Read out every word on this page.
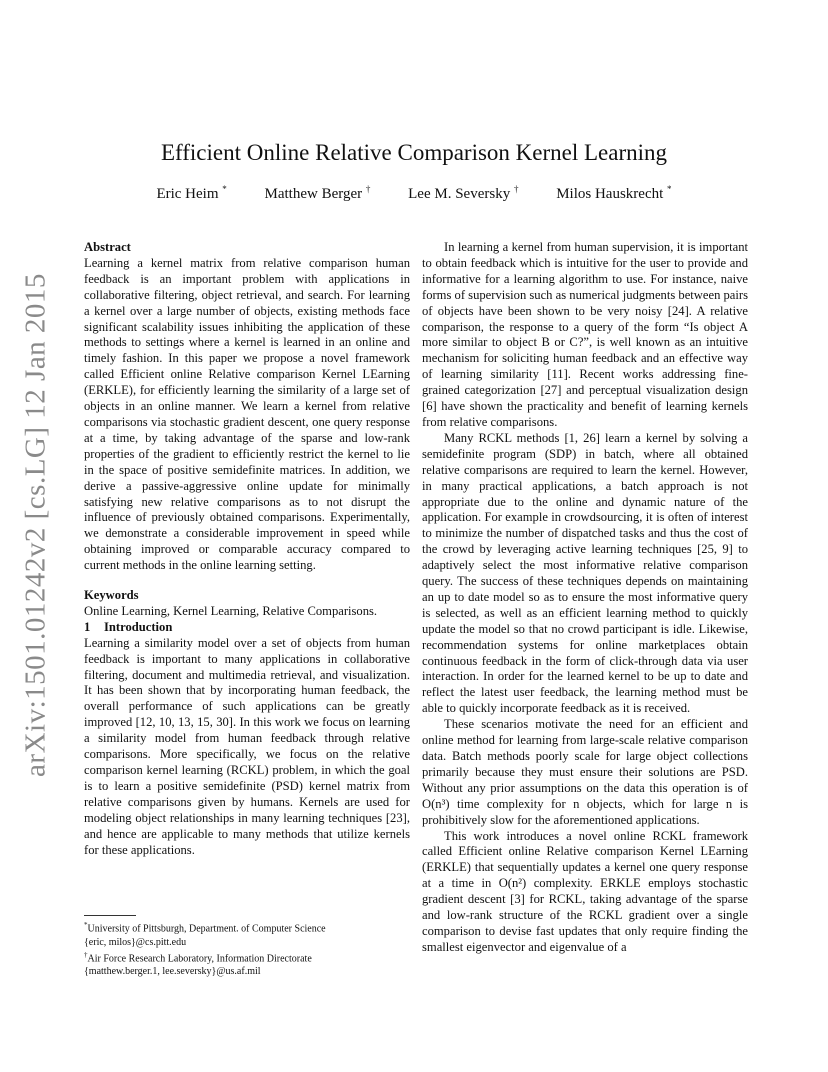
arXiv:1501.01242v2 [cs.LG] 12 Jan 2015
Efficient Online Relative Comparison Kernel Learning
Eric Heim *	Matthew Berger †	Lee M. Seversky †	Milos Hauskrecht *

Abstract

Learning a kernel matrix from relative comparison human feedback is an important problem with applications in collaborative filtering, object retrieval, and search. For learning a kernel over a large number of objects, existing methods face significant scalability issues inhibiting the application of these methods to settings where a kernel is learned in an online and timely fashion. In this paper we propose a novel framework called Efficient online Relative comparison Kernel LEarning (ERKLE), for efficiently learning the similarity of a large set of objects in an online manner. We learn a kernel from relative comparisons via stochastic gradient descent, one query response at a time, by taking advantage of the sparse and low-rank properties of the gradient to efficiently restrict the kernel to lie in the space of positive semidefinite matrices. In addition, we derive a passive-aggressive online update for minimally satisfying new relative comparisons as to not disrupt the influence of previously obtained comparisons. Experimentally, we demonstrate a considerable improvement in speed while obtaining improved or comparable accuracy compared to current methods in the online learning setting.

Keywords

Online Learning, Kernel Learning, Relative Comparisons.

1 Introduction

Learning a similarity model over a set of objects from human feedback is important to many applications in collaborative filtering, document and multimedia retrieval, and visualization. It has been shown that by incorporating human feedback, the overall performance of such applications can be greatly improved [12, 10, 13, 15, 30]. In this work we focus on learning a similarity model from human feedback through relative comparisons. More specifically, we focus on the relative comparison kernel learning (RCKL) problem, in which the goal is to learn a positive semidefinite (PSD) kernel matrix from relative comparisons given by humans. Kernels are used for modeling object relationships in many learning techniques [23], and hence are applicable to many methods that utilize kernels for these applications.

In learning a kernel from human supervision, it is important to obtain feedback which is intuitive for the user to provide and informative for a learning algorithm to use. For instance, naive forms of supervision such as numerical judgments between pairs of objects have been shown to be very noisy [24]. A relative comparison, the response to a query of the form “Is object A more similar to object B or C?”, is well known as an intuitive mechanism for soliciting human feedback and an effective way of learning similarity [11]. Recent works addressing fine-grained categorization [27] and perceptual visualization design [6] have shown the practicality and benefit of learning kernels from relative comparisons.

Many RCKL methods [1, 26] learn a kernel by solving a semidefinite program (SDP) in batch, where all obtained relative comparisons are required to learn the kernel. However, in many practical applications, a batch approach is not appropriate due to the online and dynamic nature of the application. For example in crowdsourcing, it is often of interest to minimize the number of dispatched tasks and thus the cost of the crowd by leveraging active learning techniques [25, 9] to adaptively select the most informative relative comparison query. The success of these techniques depends on maintaining an up to date model so as to ensure the most informative query is selected, as well as an efficient learning method to quickly update the model so that no crowd participant is idle. Likewise, recommendation systems for online marketplaces obtain continuous feedback in the form of click-through data via user interaction. In order for the learned kernel to be up to date and reflect the latest user feedback, the learning method must be able to quickly incorporate feedback as it is received.

These scenarios motivate the need for an efficient and online method for learning from large-scale relative comparison data. Batch methods poorly scale for large object collections primarily because they must ensure their solutions are PSD. Without any prior assumptions on the data this operation is of O(n³) time complexity for n objects, which for large n is prohibitively slow for the aforementioned applications.

This work introduces a novel online RCKL framework called Efficient online Relative comparison Kernel LEarning (ERKLE) that sequentially updates a kernel one query response at a time in O(n²) complexity. ERKLE employs stochastic gradient descent [3] for RCKL, taking advantage of the sparse and low-rank structure of the RCKL gradient over a single comparison to devise fast updates that only require finding the smallest eigenvector and eigenvalue of a

*University of Pittsburgh, Department. of Computer Science

{eric, milos}@cs.pitt.edu

†Air Force Research Laboratory, Information Directorate

{matthew.berger.1, lee.seversky}@us.af.mil
